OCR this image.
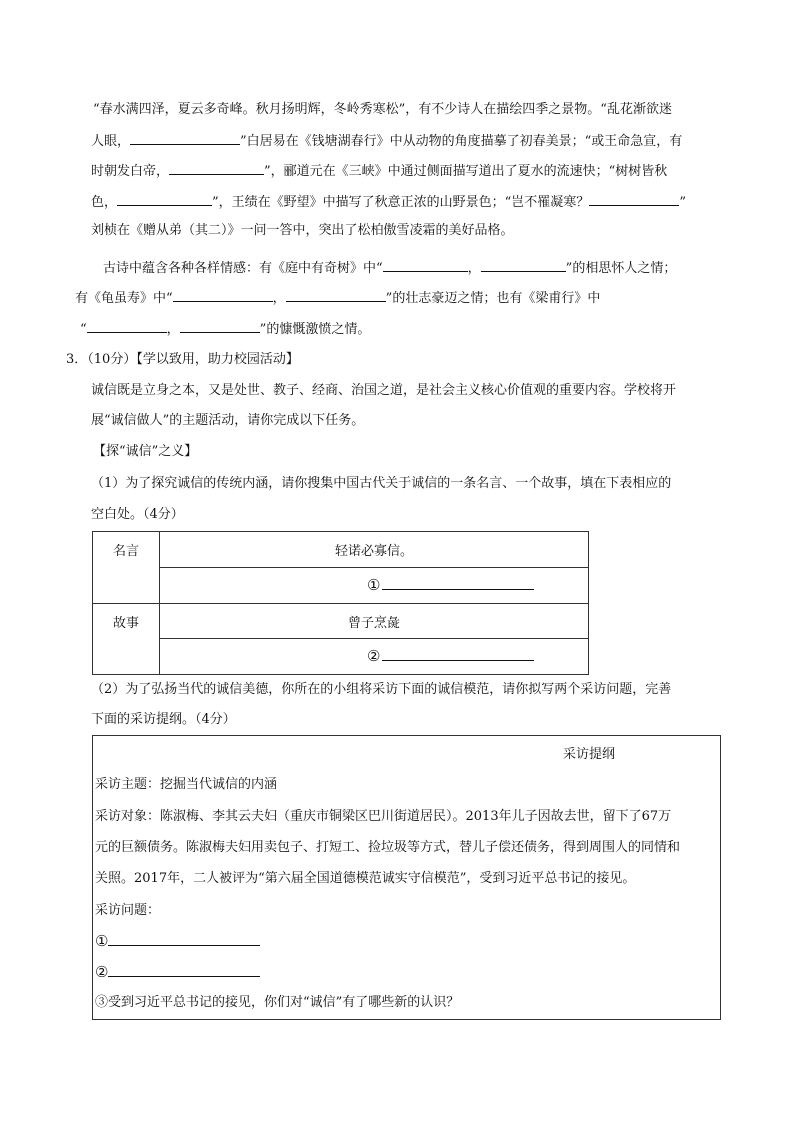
“春水满四泽，夏云多奇峰。秋月扬明辉，冬岭秀寒松”，有不少诗人在描绘四季之景物。“乱花渐欲迷
人眼，	”白居易在《钱塘湖春行》中从动物的角度描摹了初春美景；“或王命急宣，有
时朝发白帝，	”，郦道元在《三峡》中通过侧面描写道出了夏水的流速快；“树树皆秋
色，	”，王绩在《野望》中描写了秋意正浓的山野景色；“岂不罹凝寒？	”
刘桢在《赠从弟（其二）》一问一答中，突出了松柏傲雪凌霜的美好品格。
古诗中蕴含各种各样情感：有《庭中有奇树》中“	，	”的相思怀人之情；
有《龟虽寿》中“	，	”的壮志豪迈之情；也有《梁甫行》中
“	，	”的慷慨激愤之情。
3．（10分）【学以致用，助力校园活动】
诚信既是立身之本，又是处世、教子、经商、治国之道，是社会主义核心价值观的重要内容。学校将开
展“诚信做人”的主题活动，请你完成以下任务。
【探“诚信”之义】
（1）为了探究诚信的传统内涵，请你搜集中国古代关于诚信的一条名言、一个故事，填在下表相应的
空白处。（4分）
名言	轻诺必寡信。

	①

故事	曾子烹彘

	②
（2）为了弘扬当代的诚信美德，你所在的小组将采访下面的诚信模范，请你拟写两个采访问题，完善
下面的采访提纲。（4分）
采访提纲
采访主题：挖掘当代诚信的内涵
采访对象：陈淑梅、李其云夫妇（重庆市铜梁区巴川街道居民）。2013年儿子因故去世，留下了67万
元的巨额债务。陈淑梅夫妇用卖包子、打短工、捡垃圾等方式，替儿子偿还债务，得到周围人的同情和
关照。2017年，二人被评为“第六届全国道德模范诚实守信模范”，受到习近平总书记的接见。
采访问题：
①
②
③受到习近平总书记的接见，你们对“诚信”有了哪些新的认识？
